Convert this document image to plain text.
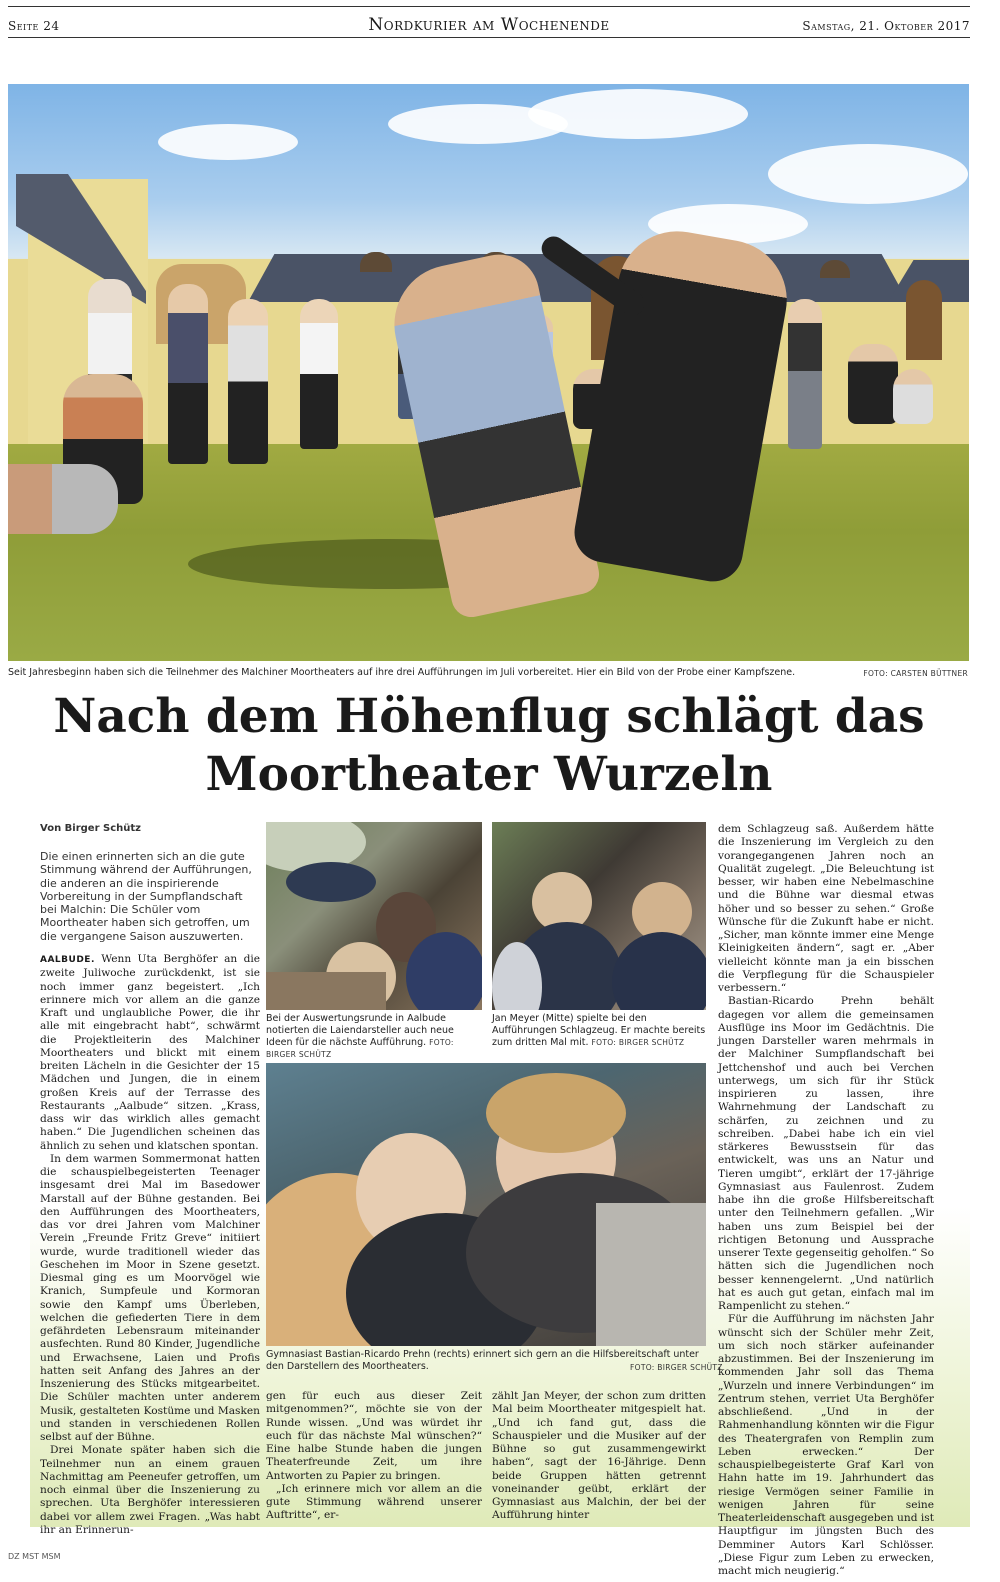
Seite 24	Nordkurier am Wochenende	Samstag, 21. Oktober 2017
Seit Jahresbeginn haben sich die Teilnehmer des Malchiner Moortheaters auf ihre drei Aufführungen im Juli vorbereitet. Hier ein Bild von der Probe einer Kampfszene.	FOTO: CARSTEN BÜTTNER
Nach dem Höhenflug schlägt das
Moortheater Wurzeln
Von Birger Schütz
Die einen erinnerten sich an die gute Stimmung während der Aufführungen, die anderen an die inspirierende Vorbereitung in der Sumpflandschaft bei Malchin: Die Schüler vom Moortheater haben sich getroffen, um die vergangene Saison auszuwerten.

AALBUDE. Wenn Uta Berghöfer an die zweite Juliwoche zurückdenkt, ist sie noch immer ganz begeistert. „Ich erinnere mich vor allem an die ganze Kraft und unglaubliche Power, die ihr alle mit eingebracht habt“, schwärmt die Projektleiterin des Malchiner Moortheaters und blickt mit einem breiten Lächeln in die Gesichter der 15 Mädchen und Jungen, die in einem großen Kreis auf der Terrasse des Restaurants „Aalbude“ sitzen. „Krass, dass wir das wirklich alles gemacht haben.“ Die Jugendlichen scheinen das ähnlich zu sehen und klatschen spontan.

In dem warmen Sommermonat hatten die schauspielbegeisterten Teenager insgesamt drei Mal im Basedower Marstall auf der Bühne gestanden. Bei den Aufführungen des Moortheaters, das vor drei Jahren vom Malchiner Verein „Freunde Fritz Greve“ initiiert wurde, wurde traditionell wieder das Geschehen im Moor in Szene gesetzt. Diesmal ging es um Moorvögel wie Kranich, Sumpfeule und Kormoran sowie den Kampf ums Überleben, welchen die gefiederten Tiere in dem gefährdeten Lebensraum miteinander ausfechten. Rund 80 Kinder, Jugendliche und Erwachsene, Laien und Profis hatten seit Anfang des Jahres an der Inszenierung des Stücks mitgearbeitet. Die Schüler machten unter anderem Musik, gestalteten Kostüme und Masken und standen in verschiedenen Rollen selbst auf der Bühne.

Drei Monate später haben sich die Teilnehmer nun an einem grauen Nachmittag am Peeneufer getroffen, um noch einmal über die Inszenierung zu sprechen. Uta Berghöfer interessieren dabei vor allem zwei Fragen. „Was habt ihr an Erinnerun-

Bei der Auswertungsrunde in Aalbude notierten die Laiendarsteller auch neue Ideen für die nächste Aufführung. FOTO: BIRGER SCHÜTZ
Jan Meyer (Mitte) spielte bei den Aufführungen Schlagzeug. Er machte bereits zum dritten Mal mit. FOTO: BIRGER SCHÜTZ
Gymnasiast Bastian-Ricardo Prehn (rechts) erinnert sich gern an die Hilfsbereitschaft unter den Darstellern des Moortheaters.	FOTO: BIRGER SCHÜTZ

gen für euch aus dieser Zeit mitgenommen?“, möchte sie von der Runde wissen. „Und was würdet ihr euch für das nächste Mal wünschen?“ Eine halbe Stunde haben die jungen Theaterfreunde Zeit, um ihre Antworten zu Papier zu bringen.

„Ich erinnere mich vor allem an die gute Stimmung während unserer Auftritte“, er-

zählt Jan Meyer, der schon zum dritten Mal beim Moortheater mitgespielt hat. „Und ich fand gut, dass die Schauspieler und die Musiker auf der Bühne so gut zusammengewirkt haben“, sagt der 16-Jährige. Denn beide Gruppen hätten getrennt voneinander geübt, erklärt der Gymnasiast aus Malchin, der bei der Aufführung hinter

dem Schlagzeug saß. Außerdem hätte die Inszenierung im Vergleich zu den vorangegangenen Jahren noch an Qualität zugelegt. „Die Beleuchtung ist besser, wir haben eine Nebelmaschine und die Bühne war diesmal etwas höher und so besser zu sehen.“ Große Wünsche für die Zukunft habe er nicht. „Sicher, man könnte immer eine Menge Kleinigkeiten ändern“, sagt er. „Aber vielleicht könnte man ja ein bisschen die Verpflegung für die Schauspieler verbessern.“

Bastian-Ricardo Prehn behält dagegen vor allem die gemeinsamen Ausflüge ins Moor im Gedächtnis. Die jungen Darsteller waren mehrmals in der Malchiner Sumpflandschaft bei Jettchenshof und auch bei Verchen unterwegs, um sich für ihr Stück inspirieren zu lassen, ihre Wahrnehmung der Landschaft zu schärfen, zu zeichnen und zu schreiben. „Dabei habe ich ein viel stärkeres Bewusstsein für das entwickelt, was uns an Natur und Tieren umgibt“, erklärt der 17-jährige Gymnasiast aus Faulenrost. Zudem habe ihn die große Hilfsbereitschaft unter den Teilnehmern gefallen. „Wir haben uns zum Beispiel bei der richtigen Betonung und Aussprache unserer Texte gegenseitig geholfen.“ So hätten sich die Jugendlichen noch besser kennengelernt. „Und natürlich hat es auch gut getan, einfach mal im Rampenlicht zu stehen.“

Für die Aufführung im nächsten Jahr wünscht sich der Schüler mehr Zeit, um sich noch stärker aufeinander abzustimmen. Bei der Inszenierung im kommenden Jahr soll das Thema „Wurzeln und innere Verbindungen“ im Zentrum stehen, verriet Uta Berghöfer abschließend. „Und in der Rahmenhandlung könnten wir die Figur des Theatergrafen von Remplin zum Leben erwecken.“ Der schauspielbegeisterte Graf Karl von Hahn hatte im 19. Jahrhundert das riesige Vermögen seiner Familie in wenigen Jahren für seine Theaterleidenschaft ausgegeben und ist Hauptfigur im jüngsten Buch des Demminer Autors Karl Schlösser. „Diese Figur zum Leben zu erwecken, macht mich neugierig.“

DZ MST MSM
